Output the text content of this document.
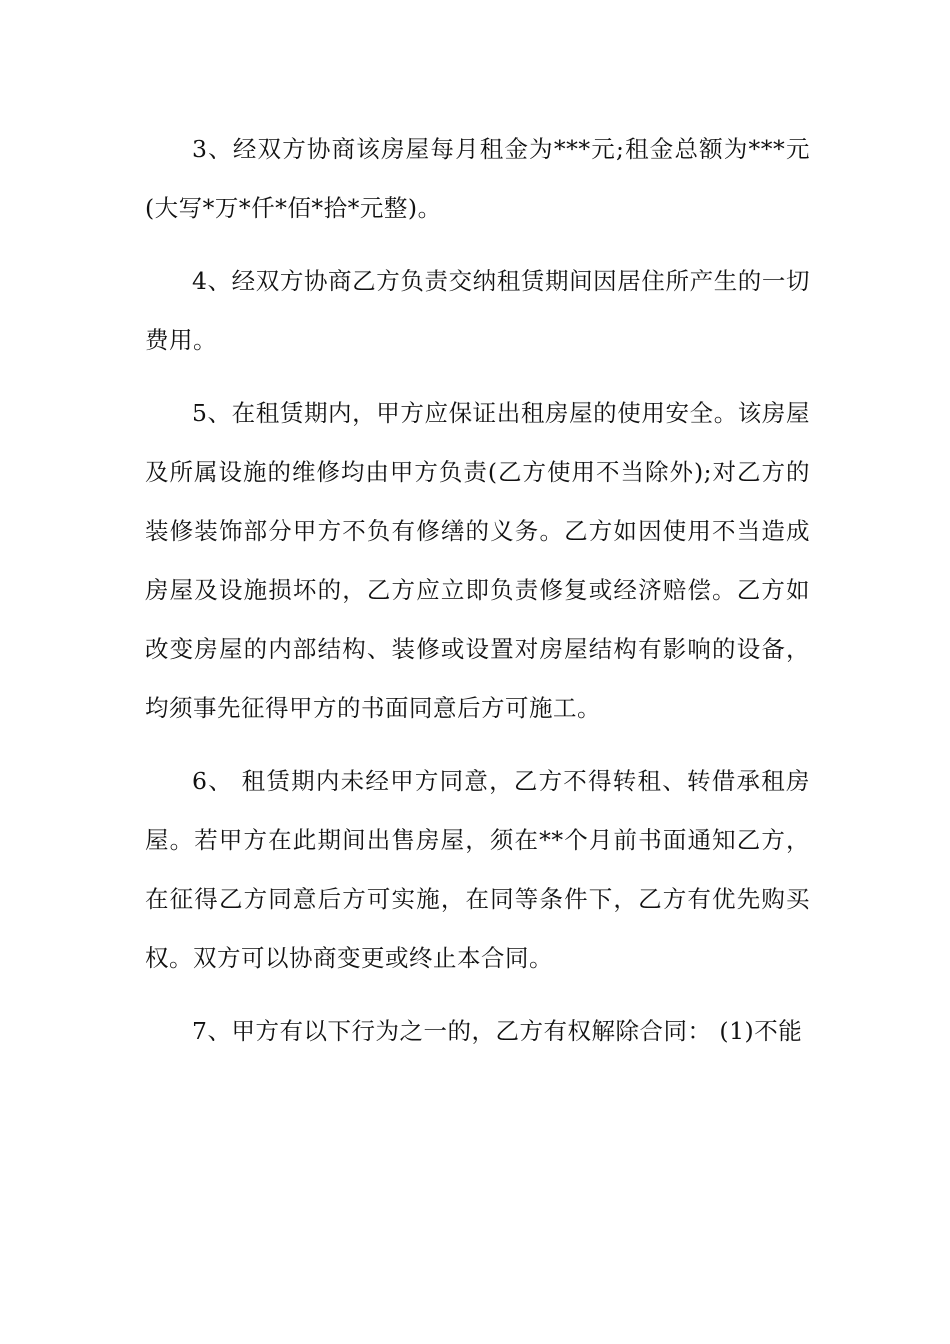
3、经双方协商该房屋每月租金为***元;租金总额为***元(大写*万*仟*佰*拾*元整)。

4、经双方协商乙方负责交纳租赁期间因居住所产生的一切费用。

5、在租赁期内，甲方应保证出租房屋的使用安全。该房屋及所属设施的维修均由甲方负责(乙方使用不当除外);对乙方的装修装饰部分甲方不负有修缮的义务。乙方如因使用不当造成房屋及设施损坏的，乙方应立即负责修复或经济赔偿。乙方如改变房屋的内部结构、装修或设置对房屋结构有影响的设备，均须事先征得甲方的书面同意后方可施工。

6、 租赁期内未经甲方同意，乙方不得转租、转借承租房屋。若甲方在此期间出售房屋，须在**个月前书面通知乙方，在征得乙方同意后方可实施，在同等条件下，乙方有优先购买权。双方可以协商变更或终止本合同。

7、甲方有以下行为之一的，乙方有权解除合同： (1)不能
